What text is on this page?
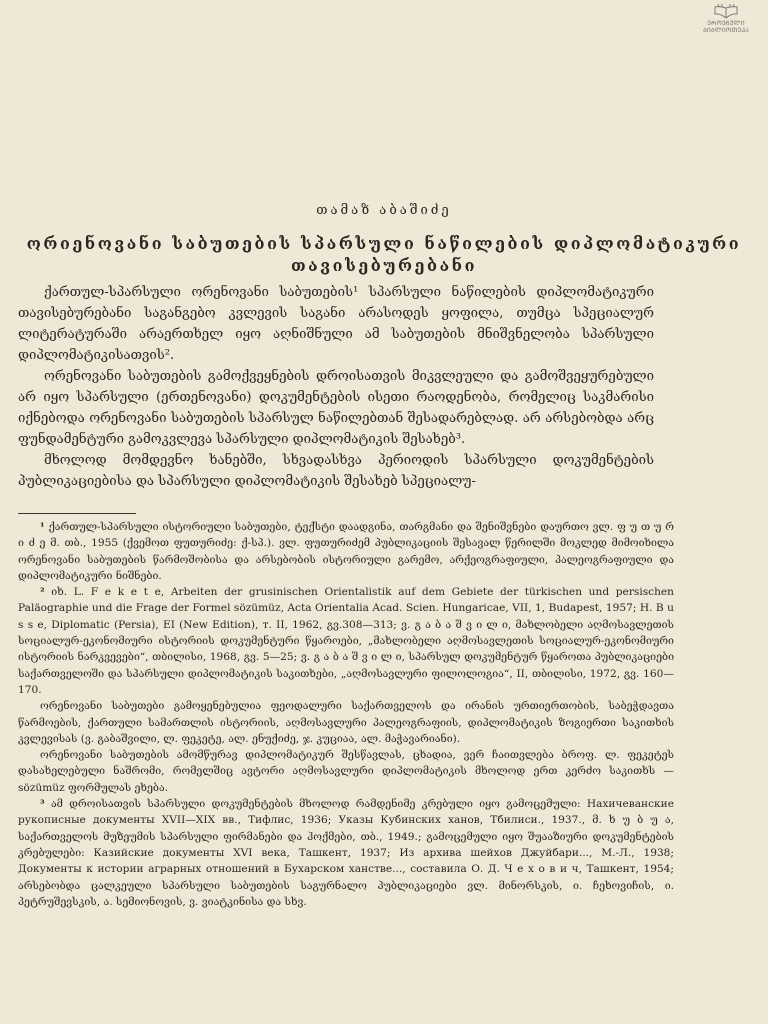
ᲔᲠᲝᲕᲜᲣᲚᲘ
ᲑᲘᲑᲚᲘᲝᲗᲔᲙᲐ
თამაზ აბაშიძე
ორიენოვანი საბუთების სპარსული ნაწილების დიპლომატიკური თავისებურებანი

ქართულ-სპარსული ორენოვანი საბუთების¹ სპარსული ნაწილების დიპლომატიკური თავისებურებანი საგანგებო კვლევის საგანი არასოდეს ყოფილა, თუმცა სპეციალურ ლიტერატურაში არაერთხელ იყო აღნიშნული ამ საბუთების მნიშვნელობა სპარსული დიპლომატიკისათვის².

ორენოვანი საბუთების გამოქვეყნების დროისათვის მიკვლეული და გამოშვეყურებული არ იყო სპარსული (ერთენოვანი) დოკუმენტების ისეთი რაოდენობა, რომელიც საკმარისი იქნებოდა ორენოვანი საბუთების სპარსულ ნაწილებთან შესადარებლად. არ არსებობდა არც ფუნდამენტური გამოკვლევა სპარსული დიპლომატიკის შესახებ³.

მხოლოდ მომდევნო ხანებში, სხვადასხვა პერიოდის სპარსული დოკუმენტების პუბლიკაციებისა და სპარსული დიპლომატიკის შესახებ სპეციალუ-

¹ ქართულ-სპარსული ისტორიული საბუთები, ტექსტი დაადგინა, თარგმანი და შენიშვნები დაურთო ვლ. ფ უ თ უ რ ი ძ ე მ. თბ., 1955 (ქვემოთ ფუთურიძე: ქ-სპ.). ვლ. ფუთურიძემ პუბლიკაციის შესავალ წერილში მოკლედ მიმოიხილა ორენოვანი საბუთების წარმოშობისა და არსებობის ისტორიული გარემო, არქეოგრაფიული, პალეოგრაფიული და დიპლომატიკური ნიშნები.

² იხ. L. F e k e t e, Arbeiten der grusinischen Orientalistik auf dem Gebiete der türkischen und persischen Paläographie und die Frage der Formel sözümüz, Acta Orientalia Acad. Scien. Hungaricae, VII, 1, Budapest, 1957; H. B u s s e, Diplomatic (Persia), EI (New Edition), т. II, 1962, გვ.308—313; ვ. გ ა ბ ა შ ვ ი ლ ი, მახლობელი აღმოსავლეთის სოციალურ-ეკონომიური ისტორიის დოკუმენტური წყაროები, „მახლობელი აღმოსავლეთის სოციალურ-ეკონომიური ისტორიის ნარკვევები“, თბილისი, 1968, გვ. 5—25; ვ. გ ა ბ ა შ ვ ი ლ ი, სპარსულ დოკუმენტურ წყაროთა პუბლიკაციები საქართველოში და სპარსული დიპლომატიკის საკითხები, „აღმოსავლური ფილოლოგია“, II, თბილისი, 1972, გვ. 160—170.

ორენოვანი საბუთები გამოყენებულია ფეოდალური საქართველოს და ირანის ურთიერთობის, საბეჭდავთა წარმოების, ქართული სამართლის ისტორიის, აღმოსავლური პალეოგრაფიის, დიპლომატიკის ზოგიერთი საკითხის კვლევისას (ვ. გაბაშვილი, ლ. ფეკეტე, ალ. ენუქიძე, ჯ. კუციაა, ალ. მაჭავარიანი).

ორენოვანი საბუთების ამომწურავ დიპლომატიკურ შესწავლას, ცხადია, ვერ ჩაითვლება ბროფ. ლ. ფეკეტეს დასახელებული ნაშრომი, რომელშიც ავტორი აღმოსავლური დიპლომატიკის მხოლოდ ერთ კერძო საკითხს — sözümüz ფორმულას ეხება.

³ ამ დროისათვის სპარსული დოკუმენტების მხოლოდ რამდენიმე კრებული იყო გამოცემული: Нахичеванские рукописные документы XVII—XIX вв., Тифлис, 1936; Указы Кубинских ханов, Тбилиси., 1937., მ. ხ უ ბ უ ა, საქართველოს მუზეუმის სპარსული ფირმანები და ჰოქმები, თბ., 1949.; გამოცემული იყო შუააზიური დოკუმენტების კრებულები: Казийские документы XVI века, Ташкент, 1937; Из архива шейхов Джуйбари..., М.-Л., 1938; Документы к истории аграрных отношений в Бухарском ханстве..., составила О. Д. Ч е х о в и ч, Ташкент, 1954; არსებობდა ცალკეული სპარსული საბუთების საგურნალო პუბლიკაციები ვლ. მინორსკის, ი. ჩეხოვიჩის, ი. პეტრუშევსკის, ა. სემიონოვის, ვ. ვიატკინისა და სხვ.
